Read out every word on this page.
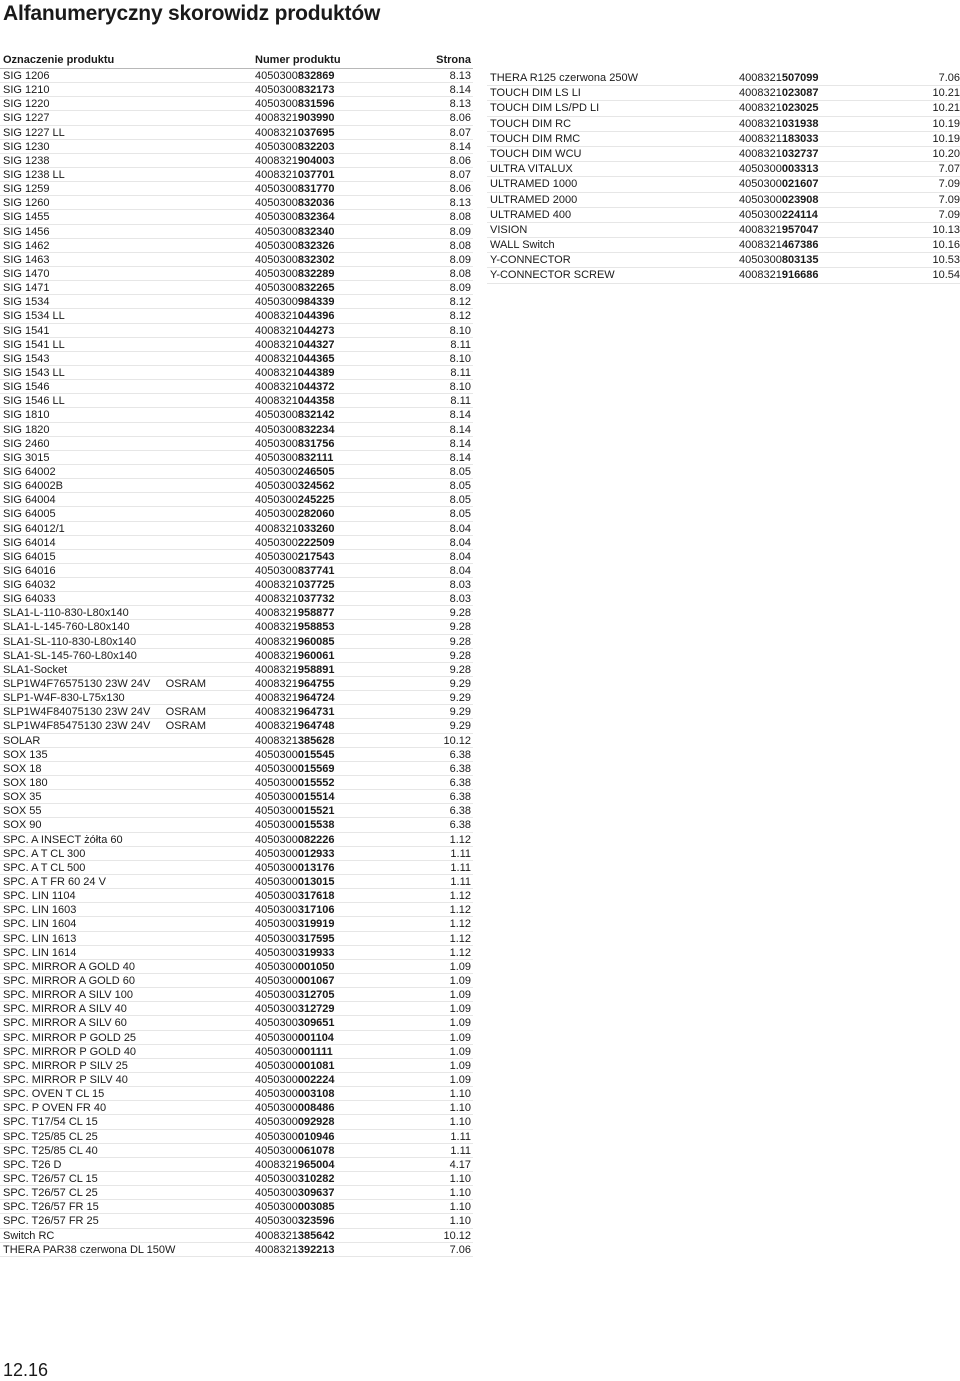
Alfanumeryczny skorowidz produktów
Oznaczenie produktu	Numer produktu	Strona
SIG 1206	4050300832869	8.13
SIG 1210	4050300832173	8.14
SIG 1220	4050300831596	8.13
SIG 1227	4008321903990	8.06
SIG 1227 LL	4008321037695	8.07
SIG 1230	4050300832203	8.14
SIG 1238	4008321904003	8.06
SIG 1238 LL	4008321037701	8.07
SIG 1259	4050300831770	8.06
SIG 1260	4050300832036	8.13
SIG 1455	4050300832364	8.08
SIG 1456	4050300832340	8.09
SIG 1462	4050300832326	8.08
SIG 1463	4050300832302	8.09
SIG 1470	4050300832289	8.08
SIG 1471	4050300832265	8.09
SIG 1534	4050300984339	8.12
SIG 1534 LL	4008321044396	8.12
SIG 1541	4008321044273	8.10
SIG 1541 LL	4008321044327	8.11
SIG 1543	4008321044365	8.10
SIG 1543 LL	4008321044389	8.11
SIG 1546	4008321044372	8.10
SIG 1546 LL	4008321044358	8.11
SIG 1810	4050300832142	8.14
SIG 1820	4050300832234	8.14
SIG 2460	4050300831756	8.14
SIG 3015	4050300832111	8.14
SIG 64002	4050300246505	8.05
SIG 64002B	4050300324562	8.05
SIG 64004	4050300245225	8.05
SIG 64005	4050300282060	8.05
SIG 64012/1	4008321033260	8.04
SIG 64014	4050300222509	8.04
SIG 64015	4050300217543	8.04
SIG 64016	4050300837741	8.04
SIG 64032	4008321037725	8.03
SIG 64033	4008321037732	8.03
SLA1-L-110-830-L80x140	4008321958877	9.28
SLA1-L-145-760-L80x140	4008321958853	9.28
SLA1-SL-110-830-L80x140	4008321960085	9.28
SLA1-SL-145-760-L80x140	4008321960061	9.28
SLA1-Socket	4008321958891	9.28
SLP1W4F76575130 23W 24V     OSRAM	4008321964755	9.29
SLP1-W4F-830-L75x130	4008321964724	9.29
SLP1W4F84075130 23W 24V     OSRAM	4008321964731	9.29
SLP1W4F85475130 23W 24V     OSRAM	4008321964748	9.29
SOLAR	4008321385628	10.12
SOX 135	4050300015545	6.38
SOX 18	4050300015569	6.38
SOX 180	4050300015552	6.38
SOX 35	4050300015514	6.38
SOX 55	4050300015521	6.38
SOX 90	4050300015538	6.38
SPC. A INSECT żółta 60	4050300082226	1.12
SPC. A T CL 300	4050300012933	1.11
SPC. A T CL 500	4050300013176	1.11
SPC. A T FR 60 24 V	4050300013015	1.11
SPC. LIN 1104	4050300317618	1.12
SPC. LIN 1603	4050300317106	1.12
SPC. LIN 1604	4050300319919	1.12
SPC. LIN 1613	4050300317595	1.12
SPC. LIN 1614	4050300319933	1.12
SPC. MIRROR A GOLD 40	4050300001050	1.09
SPC. MIRROR A GOLD 60	4050300001067	1.09
SPC. MIRROR A SILV 100	4050300312705	1.09
SPC. MIRROR A SILV 40	4050300312729	1.09
SPC. MIRROR A SILV 60	4050300309651	1.09
SPC. MIRROR P GOLD 25	4050300001104	1.09
SPC. MIRROR P GOLD 40	4050300001111	1.09
SPC. MIRROR P SILV 25	4050300001081	1.09
SPC. MIRROR P SILV 40	4050300002224	1.09
SPC. OVEN T CL 15	4050300003108	1.10
SPC. P OVEN FR 40	4050300008486	1.10
SPC. T17/54 CL 15	4050300092928	1.10
SPC. T25/85 CL 25	4050300010946	1.11
SPC. T25/85 CL 40	4050300061078	1.11
SPC. T26 D	4008321965004	4.17
SPC. T26/57 CL 15	4050300310282	1.10
SPC. T26/57 CL 25	4050300309637	1.10
SPC. T26/57 FR 15	4050300003085	1.10
SPC. T26/57 FR 25	4050300323596	1.10
Switch RC	4008321385642	10.12
THERA PAR38 czerwona DL 150W	4008321392213	7.06
THERA R125 czerwona 250W	4008321507099	7.06
TOUCH DIM LS LI	4008321023087	10.21
TOUCH DIM LS/PD LI	4008321023025	10.21
TOUCH DIM RC	4008321031938	10.19
TOUCH DIM RMC	4008321183033	10.19
TOUCH DIM WCU	4008321032737	10.20
ULTRA VITALUX	4050300003313	7.07
ULTRAMED 1000	4050300021607	7.09
ULTRAMED 2000	4050300023908	7.09
ULTRAMED 400	4050300224114	7.09
VISION	4008321957047	10.13
WALL Switch	4008321467386	10.16
Y-CONNECTOR	4050300803135	10.53
Y-CONNECTOR SCREW	4008321916686	10.54
12.16
